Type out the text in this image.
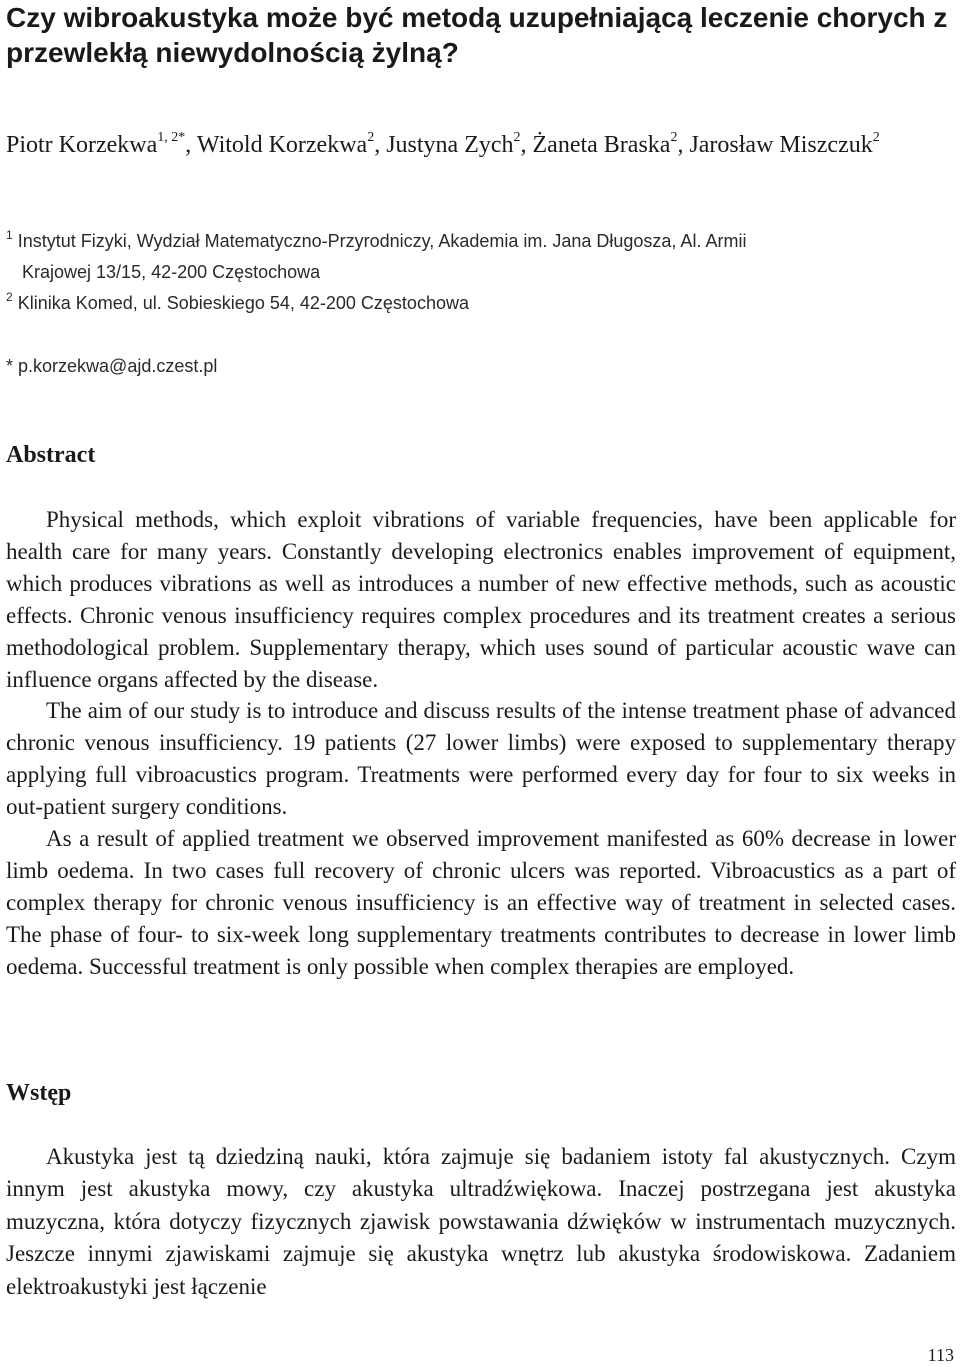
Czy wibroakustyka może być metodą uzupełniającą leczenie chorych z przewlekłą niewydolnością żylną?
Piotr Korzekwa$^{1, 2*}$, Witold Korzekwa$^2$, Justyna Zych$^2$, Żaneta Braska$^2$, Jarosław Miszczuk$^2$

$^1$ Instytut Fizyki, Wydział Matematyczno-Przyrodniczy, Akademia im. Jana Długosza, Al. Armii
Krajowej 13/15, 42-200 Częstochowa

$^2$ Klinika Komed, ul. Sobieskiego 54, 42-200 Częstochowa

* p.korzekwa@ajd.czest.pl
Abstract

Physical methods, which exploit vibrations of variable frequencies, have been applicable for health care for many years. Constantly developing electronics enables improvement of equipment, which produces vibrations as well as introduces a number of new effective methods, such as acoustic effects. Chronic venous insufficiency requires complex procedures and its treatment creates a serious methodological problem. Supplementary therapy, which uses sound of particular acoustic wave can influence organs affected by the disease.

The aim of our study is to introduce and discuss results of the intense treatment phase of advanced chronic venous insufficiency. 19 patients (27 lower limbs) were exposed to supplementary therapy applying full vibroacustics program. Treatments were performed every day for four to six weeks in out-patient surgery conditions.

As a result of applied treatment we observed improvement manifested as 60% decrease in lower limb oedema. In two cases full recovery of chronic ulcers was reported. Vibroacustics as a part of complex therapy for chronic venous insufficiency is an effective way of treatment in selected cases. The phase of four- to six-week long supplementary treatments contributes to decrease in lower limb oedema. Successful treatment is only possible when complex therapies are employed.

Wstęp

Akustyka jest tą dziedziną nauki, która zajmuje się badaniem istoty fal akustycznych. Czym innym jest akustyka mowy, czy akustyka ultradźwiękowa. Inaczej postrzegana jest akustyka muzyczna, która dotyczy fizycznych zjawisk powstawania dźwięków w instrumentach muzycznych. Jeszcze innymi zjawiskami zajmuje się akustyka wnętrz lub akustyka środowiskowa. Zadaniem elektroakustyki jest łączenie

113
